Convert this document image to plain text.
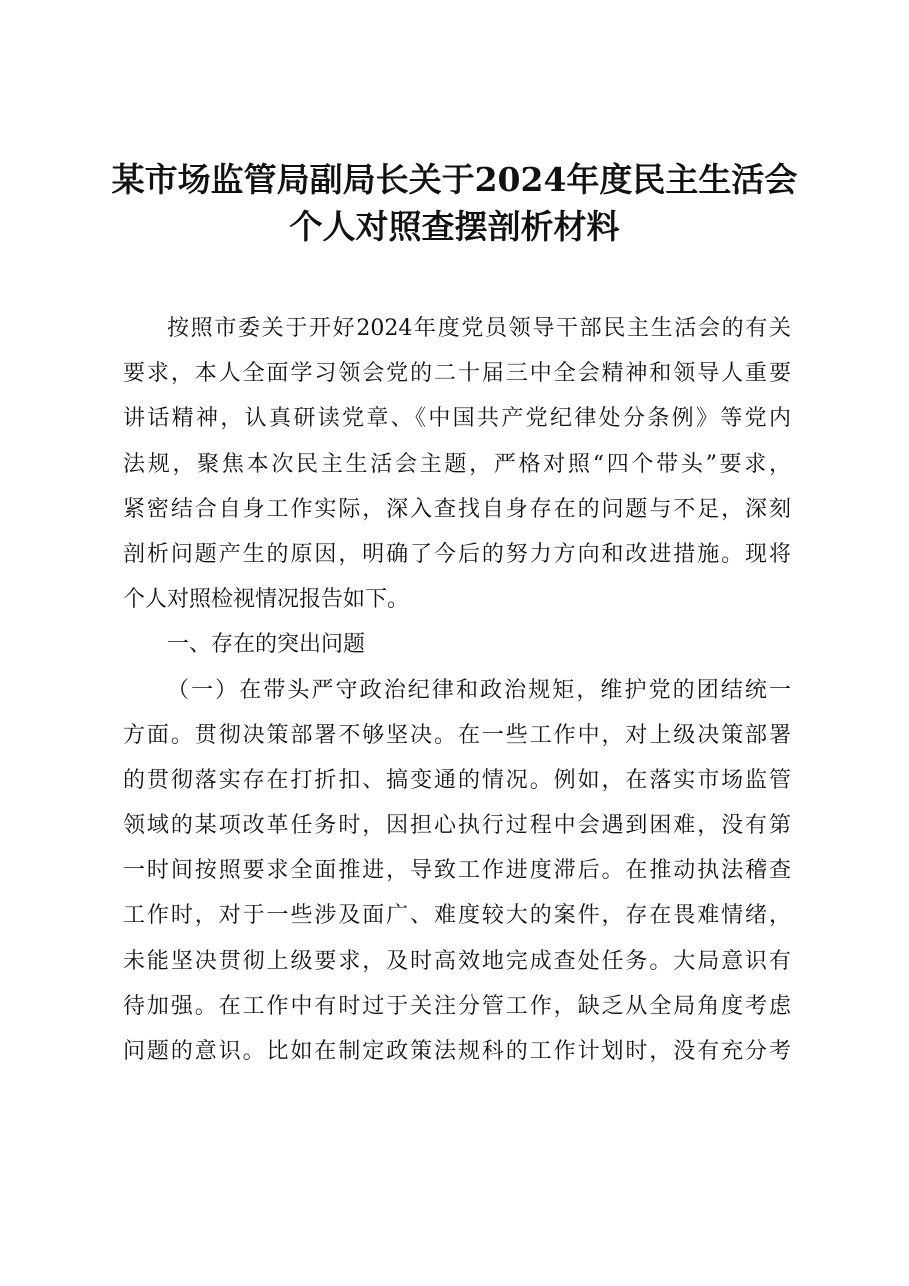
某市场监管局副局长关于2024年度民主生活会
个人对照查摆剖析材料
按照市委关于开好2024年度党员领导干部民主生活会的有关
要求，本人全面学习领会党的二十届三中全会精神和领导人重要
讲话精神，认真研读党章、《中国共产党纪律处分条例》等党内
法规，聚焦本次民主生活会主题，严格对照“四个带头”要求，
紧密结合自身工作实际，深入查找自身存在的问题与不足，深刻
剖析问题产生的原因，明确了今后的努力方向和改进措施。现将
个人对照检视情况报告如下。
一、存在的突出问题
（一）在带头严守政治纪律和政治规矩，维护党的团结统一
方面。贯彻决策部署不够坚决。在一些工作中，对上级决策部署
的贯彻落实存在打折扣、搞变通的情况。例如，在落实市场监管
领域的某项改革任务时，因担心执行过程中会遇到困难，没有第
一时间按照要求全面推进，导致工作进度滞后。在推动执法稽查
工作时，对于一些涉及面广、难度较大的案件，存在畏难情绪，
未能坚决贯彻上级要求，及时高效地完成查处任务。大局意识有
待加强。在工作中有时过于关注分管工作，缺乏从全局角度考虑
问题的意识。比如在制定政策法规科的工作计划时，没有充分考
